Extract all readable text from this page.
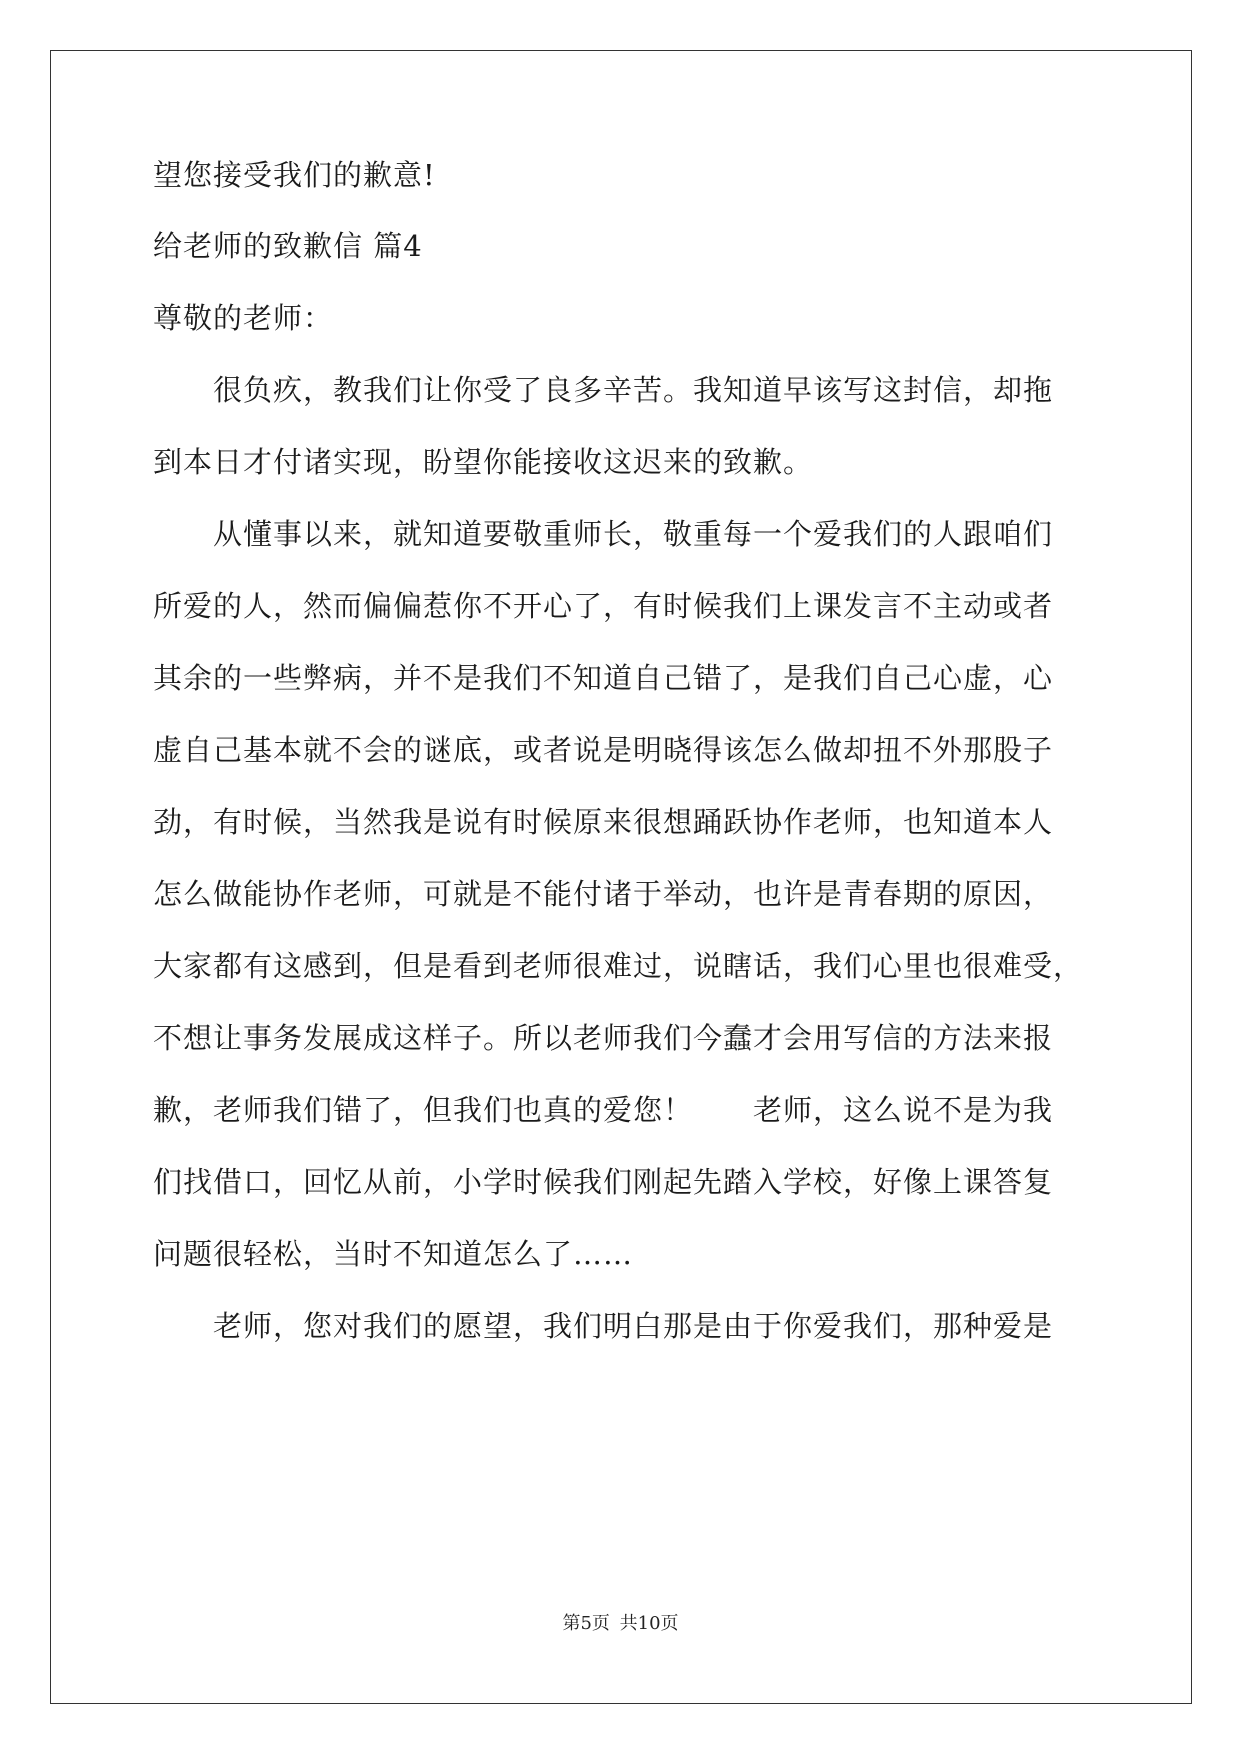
望您接受我们的歉意!
给老师的致歉信 篇4
尊敬的老师：
　　很负疚，教我们让你受了良多辛苦。我知道早该写这封信，却拖
到本日才付诸实现，盼望你能接收这迟来的致歉。
　　从懂事以来，就知道要敬重师长，敬重每一个爱我们的人跟咱们
所爱的人，然而偏偏惹你不开心了，有时候我们上课发言不主动或者
其余的一些弊病，并不是我们不知道自己错了，是我们自己心虚，心
虚自己基本就不会的谜底，或者说是明晓得该怎么做却扭不外那股子
劲，有时候，当然我是说有时候原来很想踊跃协作老师，也知道本人
怎么做能协作老师，可就是不能付诸于举动，也许是青春期的原因，
大家都有这感到，但是看到老师很难过，说瞎话，我们心里也很难受，
不想让事务发展成这样子。所以老师我们今蠢才会用写信的方法来报
歉，老师我们错了，但我们也真的爱您！　　老师，这么说不是为我
们找借口，回忆从前，小学时候我们刚起先踏入学校，好像上课答复
问题很轻松，当时不知道怎么了……
　　老师，您对我们的愿望，我们明白那是由于你爱我们，那种爱是
第5页 共10页
